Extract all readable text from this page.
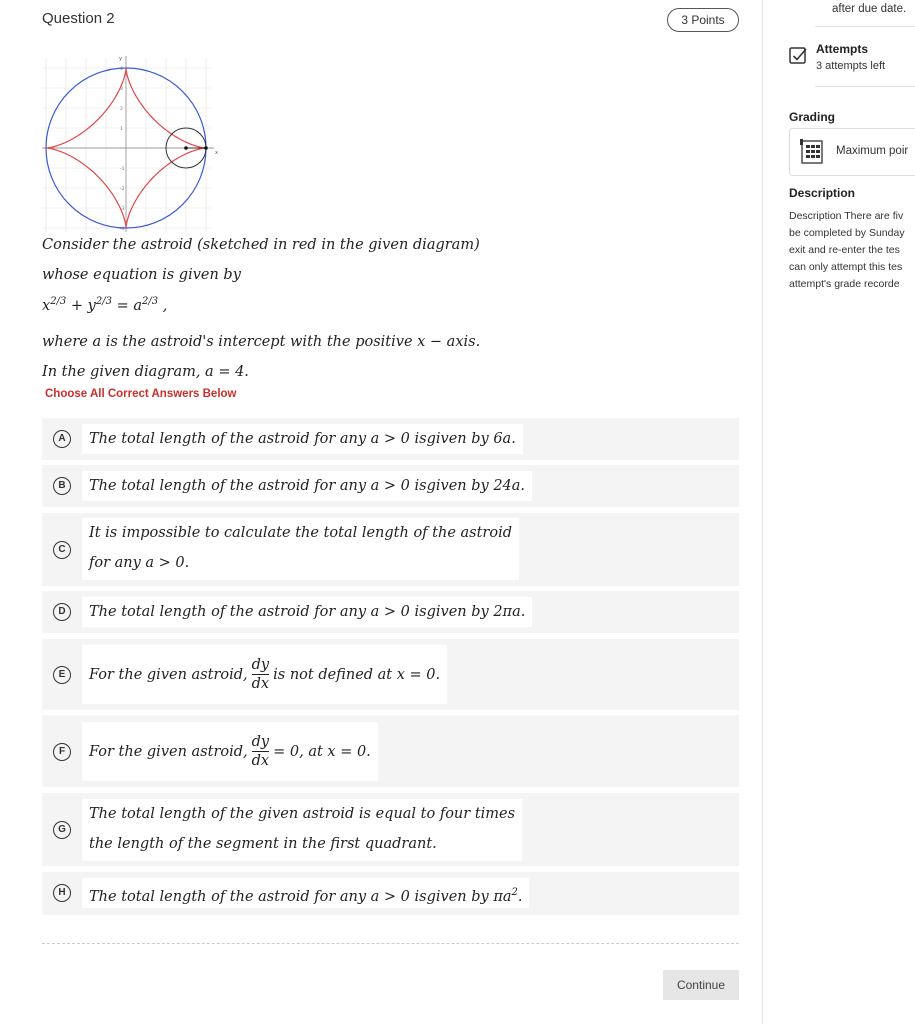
Question 2	3 Points
4
3
2
1
-1
-2
-3
-4
x
y
Consider the astroid (sketched in red in the given diagram)
whose equation is given by
$x^{2/3} + y^{2/3} = a^{2/3}$ ,
where a is the astroid's intercept with the positive x − axis.
In the given diagram, a = 4.
Choose All Correct Answers Below
A	The total length of the astroid for any a > 0 isgiven by 6a.
B	The total length of the astroid for any a > 0 isgiven by 24a.
C
It is impossible to calculate the total length of the astroid
for any a > 0.
D	The total length of the astroid for any a > 0 isgiven by 2πa.
E	For the given astroid, $\frac{dy}{dx}$ is not defined at x = 0.
F	For the given astroid, $\frac{dy}{dx} = 0$, at x = 0.
G
The total length of the given astroid is equal to four times
the length of the segment in the first quadrant.
H	The total length of the astroid for any a > 0 isgiven by $\pi a^2$.
Continue
after due date.
Attempts
3 attempts left
Grading
Maximum poir
Description
Description There are fiv
be completed by Sunday
exit and re-enter the tes
can only attempt this tes
attempt's grade recorde
